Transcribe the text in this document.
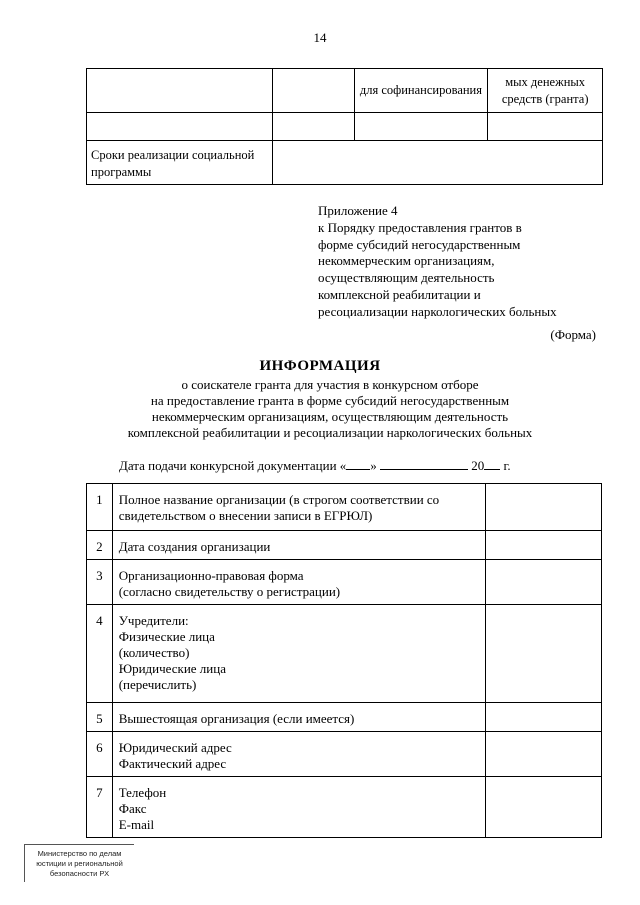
14
		для софинансирования	мых денежных средств (гранта)

Сроки реализации социальной программы			
Приложение 4
к Порядку предоставления грантов в
форме субсидий негосударственным
некоммерческим организациям,
осуществляющим деятельность
комплексной реабилитации и
ресоциализации наркологических больных
(Форма)
ИНФОРМАЦИЯ
о соискателе гранта для участия в конкурсном отборе
на предоставление гранта в форме субсидий негосударственным
некоммерческим организациям, осуществляющим деятельность
комплексной реабилитации и ресоциализации наркологических больных
Дата подачи конкурсной документации « »	20 г.
1	Полное название организации (в строгом соответствии со
свидетельством о внесении записи в ЕГРЮЛ)	

2	Дата создания организации	

3	Организационно-правовая форма
(согласно свидетельству о регистрации)	

4	Учредители:
Физические лица
(количество)
Юридические лица
(перечислить)	

5	Вышестоящая организация (если имеется)	

6	Юридический адрес
Фактический адрес	

7	Телефон
Факс
E-mail	

Министерство по делам
юстиции и региональной
безопасности РХ
